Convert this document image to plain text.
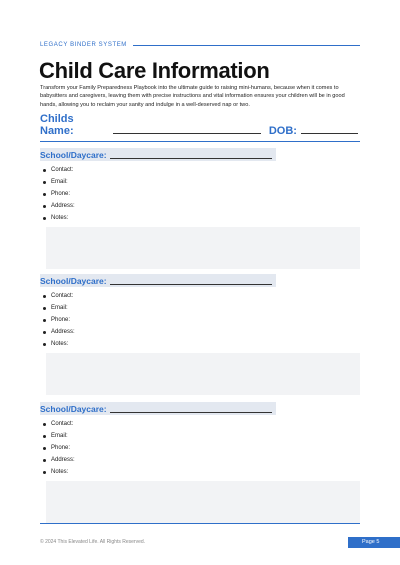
LEGACY BINDER SYSTEM
Child Care Information

Transform your Family Preparedness Playbook into the ultimate guide to raising mini-humans, because when it comes to babysitters and caregivers, leaving them with precise instructions and vital information ensures your children will be in good hands, allowing you to reclaim your sanity and indulge in a well-deserved nap or two.

Childs Name:	DOB:
School/Daycare:
Contact:
Email:
Phone:
Address:
Notes:
School/Daycare:
Contact:
Email:
Phone:
Address:
Notes:
School/Daycare:
Contact:
Email:
Phone:
Address:
Notes:
© 2024 This Elevated Life. All Rights Reserved.	Page 5
